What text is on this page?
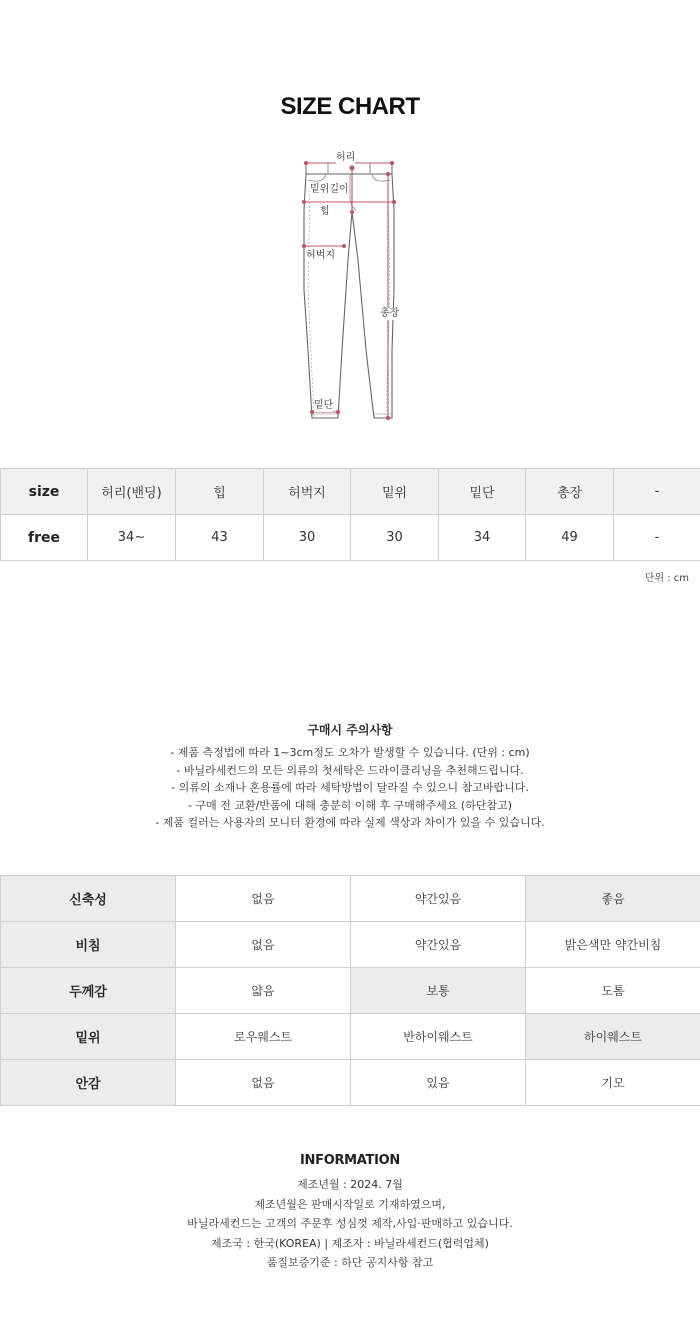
SIZE CHART
허리
밑위길이
힙
허벅지
총장
밑단
size	허리(밴딩)	힙	허벅지	밑위	밑단	총장	-
free	34~	43	30	30	34	49	-
단위 : cm
구매시 주의사항
- 제품 측정법에 따라 1~3cm정도 오차가 발생할 수 있습니다. (단위 : cm)
- 바닐라세컨드의 모든 의류의 첫세탁은 드라이클리닝을 추천해드립니다.
- 의류의 소재나 혼용률에 따라 세탁방법이 달라질 수 있으니 참고바랍니다.
- 구매 전 교환/반품에 대해 충분히 이해 후 구매해주세요 (하단참고)
- 제품 컬러는 사용자의 모니터 환경에 따라 실제 색상과 차이가 있을 수 있습니다.
신축성	없음	약간있음	좋음
비침	없음	약간있음	밝은색만 약간비침
두께감	얇음	보통	도톰
밑위	로우웨스트	반하이웨스트	하이웨스트
안감	없음	있음	기모
INFORMATION
제조년월 : 2024. 7월
제조년월은 판매시작일로 기재하였으며,
바닐라세컨드는 고객의 주문후 성심껏 제작,사입·판매하고 있습니다.
제조국 : 한국(KOREA) | 제조자 : 바닐라세컨드(협력업체)
품질보증기준 : 하단 공지사항 참고
